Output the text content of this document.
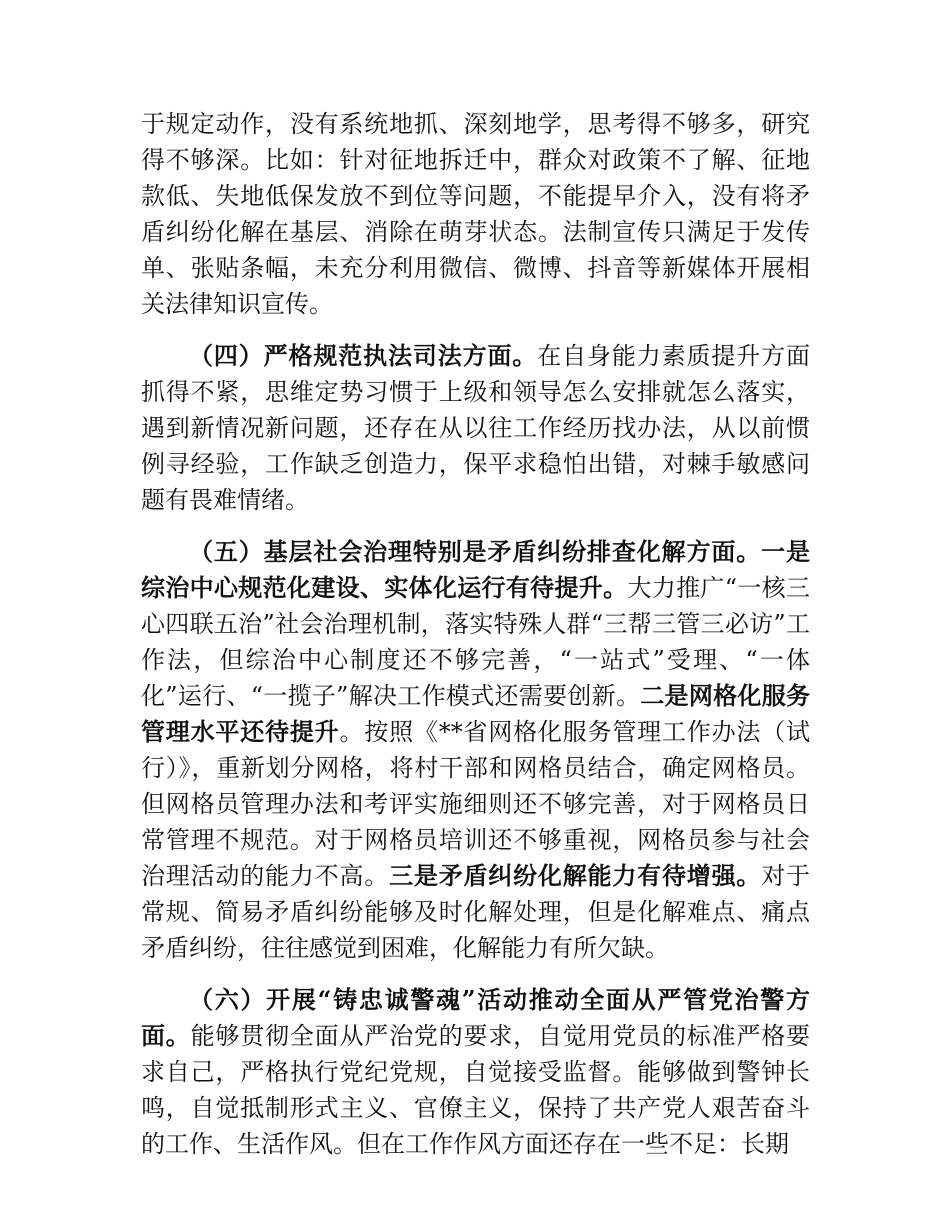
于规定动作，没有系统地抓、深刻地学，思考得不够多，研究得不够深。比如：针对征地拆迁中，群众对政策不了解、征地款低、失地低保发放不到位等问题，不能提早介入，没有将矛盾纠纷化解在基层、消除在萌芽状态。法制宣传只满足于发传单、张贴条幅，未充分利用微信、微博、抖音等新媒体开展相关法律知识宣传。

（四）严格规范执法司法方面。在自身能力素质提升方面抓得不紧，思维定势习惯于上级和领导怎么安排就怎么落实，遇到新情况新问题，还存在从以往工作经历找办法，从以前惯例寻经验，工作缺乏创造力，保平求稳怕出错，对棘手敏感问题有畏难情绪。

（五）基层社会治理特别是矛盾纠纷排查化解方面。一是综治中心规范化建设、实体化运行有待提升。大力推广“一核三心四联五治”社会治理机制，落实特殊人群“三帮三管三必访”工作法，但综治中心制度还不够完善，“一站式”受理、“一体化”运行、“一揽子”解决工作模式还需要创新。二是网格化服务管理水平还待提升。按照《**省网格化服务管理工作办法（试行）》，重新划分网格，将村干部和网格员结合，确定网格员。但网格员管理办法和考评实施细则还不够完善，对于网格员日常管理不规范。对于网格员培训还不够重视，网格员参与社会治理活动的能力不高。三是矛盾纠纷化解能力有待增强。对于常规、简易矛盾纠纷能够及时化解处理，但是化解难点、痛点矛盾纠纷，往往感觉到困难，化解能力有所欠缺。

（六）开展“铸忠诚警魂”活动推动全面从严管党治警方面。能够贯彻全面从严治党的要求，自觉用党员的标准严格要求自己，严格执行党纪党规，自觉接受监督。能够做到警钟长鸣，自觉抵制形式主义、官僚主义，保持了共产党人艰苦奋斗的工作、生活作风。但在工作作风方面还存在一些不足：长期
